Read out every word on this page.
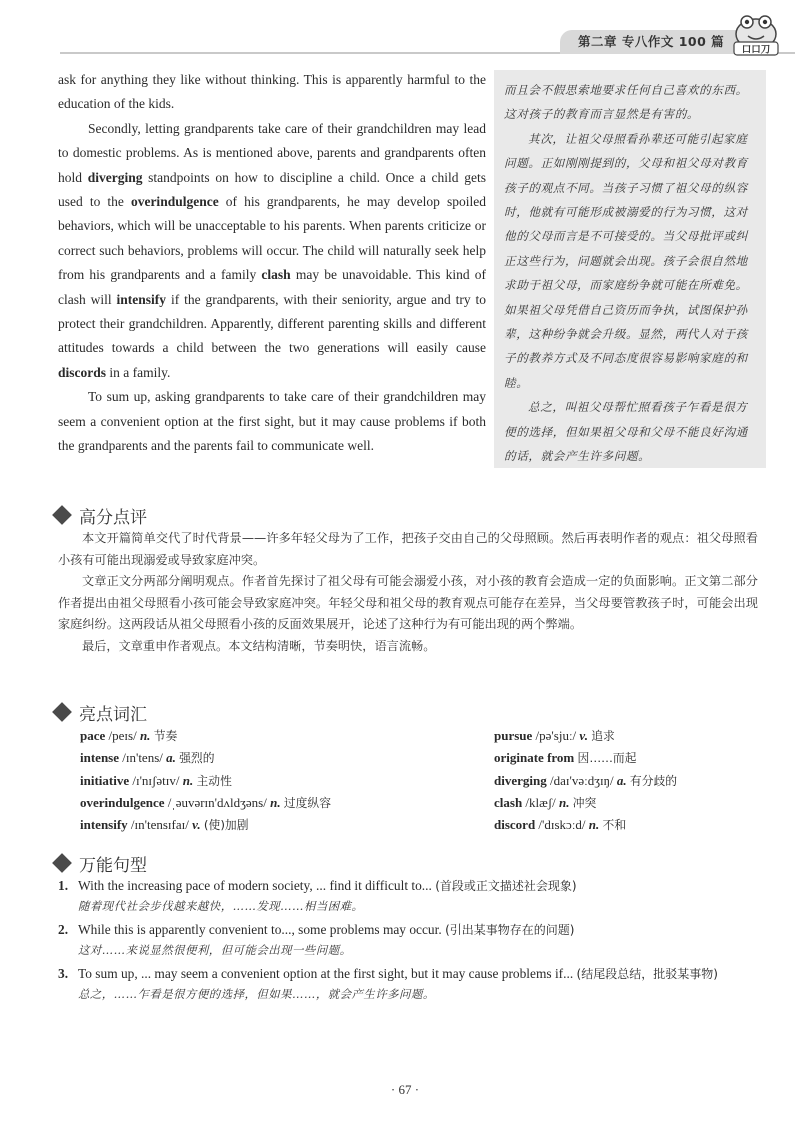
第二章 专八作文 100 篇
口口刀

ask for anything they like without thinking. This is apparently harmful to the education of the kids.

Secondly, letting grandparents take care of their grandchildren may lead to domestic problems. As is mentioned above, parents and grandparents often hold diverging standpoints on how to discipline a child. Once a child gets used to the overindulgence of his grandparents, he may develop spoiled behaviors, which will be unacceptable to his parents. When parents criticize or correct such behaviors, problems will occur. The child will naturally seek help from his grandparents and a family clash may be unavoidable. This kind of clash will intensify if the grandparents, with their seniority, argue and try to protect their grandchildren. Apparently, different parenting skills and different attitudes towards a child between the two generations will easily cause discords in a family.

To sum up, asking grandparents to take care of their grandchildren may seem a convenient option at the first sight, but it may cause problems if both the grandparents and the parents fail to communicate well.

而且会不假思索地要求任何自己喜欢的东西。这对孩子的教育而言显然是有害的。

其次，让祖父母照看孙辈还可能引起家庭问题。正如刚刚提到的，父母和祖父母对教育孩子的观点不同。当孩子习惯了祖父母的纵容时，他就有可能形成被溺爱的行为习惯，这对他的父母而言是不可接受的。当父母批评或纠正这些行为，问题就会出现。孩子会很自然地求助于祖父母，而家庭纷争就可能在所难免。如果祖父母凭借自己资历而争执，试图保护孙辈，这种纷争就会升级。显然，两代人对于孩子的教养方式及不同态度很容易影响家庭的和睦。

总之，叫祖父母帮忙照看孩子乍看是很方便的选择，但如果祖父母和父母不能良好沟通的话，就会产生许多问题。

高分点评

本文开篇简单交代了时代背景——许多年轻父母为了工作，把孩子交由自己的父母照顾。然后再表明作者的观点：祖父母照看小孩有可能出现溺爱或导致家庭冲突。

文章正文分两部分阐明观点。作者首先探讨了祖父母有可能会溺爱小孩，对小孩的教育会造成一定的负面影响。正文第二部分作者提出由祖父母照看小孩可能会导致家庭冲突。年轻父母和祖父母的教育观点可能存在差异，当父母要管教孩子时，可能会出现家庭纠纷。这两段话从祖父母照看小孩的反面效果展开，论述了这种行为有可能出现的两个弊端。

最后，文章重申作者观点。本文结构清晰，节奏明快，语言流畅。

亮点词汇
pace /peɪs/ n. 节奏
intense /ɪn'tens/ a. 强烈的
initiative /ɪ'nɪʃətɪv/ n. 主动性
overindulgence /ˌəuvərɪn'dʌldʒəns/ n. 过度纵容
intensify /ɪn'tensɪfaɪ/ v. (使)加剧
pursue /pə'sjuː/ v. 追求
originate from 因……而起
diverging /daɪ'vəːdʒɪŋ/ a. 有分歧的
clash /klæʃ/ n. 冲突
discord /'dɪskɔːd/ n. 不和
万能句型
1. With the increasing pace of modern society, ... find it difficult to... (首段或正文描述社会现象)
随着现代社会步伐越来越快，……发现……相当困难。
2. While this is apparently convenient to..., some problems may occur. (引出某事物存在的问题)
这对……来说显然很便利，但可能会出现一些问题。
3. To sum up, ... may seem a convenient option at the first sight, but it may cause problems if... (结尾段总结，批驳某事物)
总之，……乍看是很方便的选择，但如果……，就会产生许多问题。
· 67 ·
